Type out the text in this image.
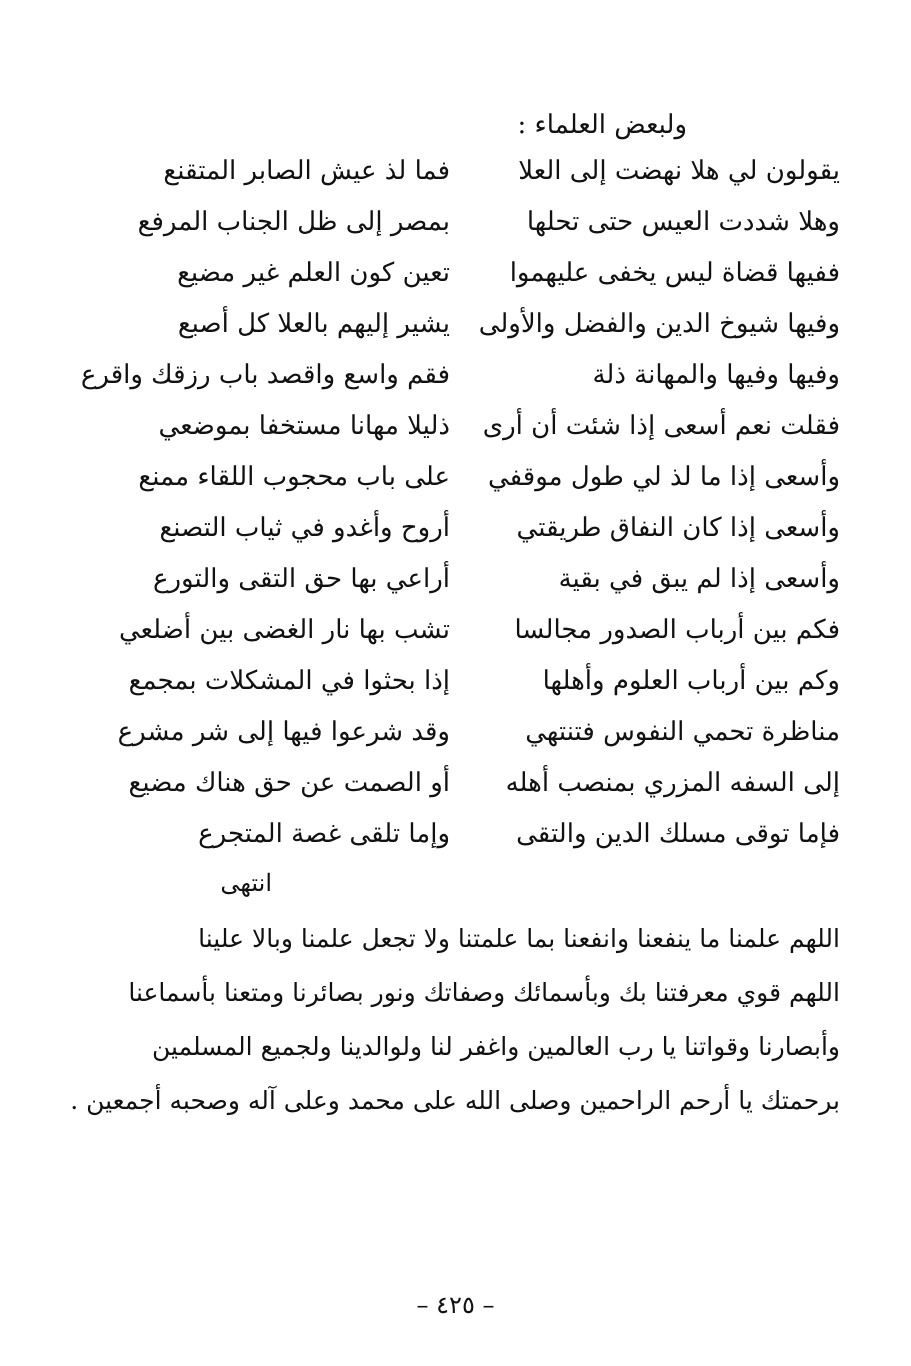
ولبعض العلماء :
يقولون لي هلا نهضت إلى العلا
فما لذ عيش الصابر المتقنع
وهلا شددت العيس حتى تحلها
بمصر إلى ظل الجناب المرفع
ففيها قضاة ليس يخفى عليهموا
تعين كون العلم غير مضيع
وفيها شيوخ الدين والفضل والأولى
يشير إليهم بالعلا كل أصبع
وفيها وفيها والمهانة ذلة
فقم واسع واقصد باب رزقك واقرع
فقلت نعم أسعى إذا شئت أن أرى
ذليلا مهانا مستخفا بموضعي
وأسعى إذا ما لذ لي طول موقفي
على باب محجوب اللقاء ممنع
وأسعى إذا كان النفاق طريقتي
أروح وأغدو في ثياب التصنع
وأسعى إذا لم يبق في بقية
أراعي بها حق التقى والتورع
فكم بين أرباب الصدور مجالسا
تشب بها نار الغضى بين أضلعي
وكم بين أرباب العلوم وأهلها
إذا بحثوا في المشكلات بمجمع
مناظرة تحمي النفوس فتنتهي
وقد شرعوا فيها إلى شر مشرع
إلى السفه المزري بمنصب أهله
أو الصمت عن حق هناك مضيع
فإما توقى مسلك الدين والتقى
وإما تلقى غصة المتجرع
انتهى
اللهم علمنا ما ينفعنا وانفعنا بما علمتنا ولا تجعل علمنا وبالا علينا
اللهم قوي معرفتنا بك وبأسمائك وصفاتك ونور بصائرنا ومتعنا بأسماعنا
وأبصارنا وقواتنا يا رب العالمين واغفر لنا ولوالدينا ولجميع المسلمين
برحمتك يا أرحم الراحمين وصلى الله على محمد وعلى آله وصحبه أجمعين .
– ٤٢٥ –
